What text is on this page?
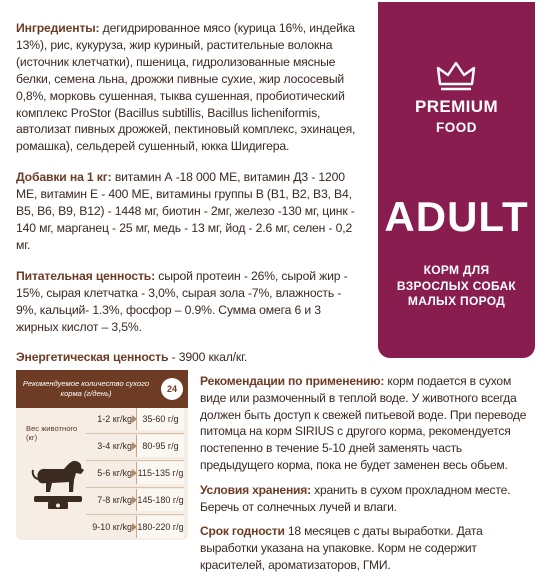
Ингредиенты: дегидрированное мясо (курица 16%, индейка 13%), рис, кукуруза, жир куриный, растительные волокна (источник клетчатки), пшеница, гидролизованные мясные белки, семена льна, дрожжи пивные сухие, жир лососевый 0,8%, морковь сушенная, тыква сушенная, пробиотический комплекс ProStor (Bacillus subtillis, Bacillus licheniformis, автолизат пивных дрожжей, пектиновый комплекс, эхинацея, ромашка), сельдерей сушенный, юкка Шидигера.

Добавки на 1 кг: витамин А -18 000 МЕ, витамин Д3 - 1200 МЕ, витамин Е - 400 МЕ, витамины группы В (В1, В2, В3, В4, В5, В6, В9, В12) - 1448 мг, биотин - 2мг, железо -130 мг, цинк - 140 мг, марганец - 25 мг, медь - 13 мг, йод - 2.6 мг, селен - 0,2 мг.

Питательная ценность: сырой протеин - 26%, сырой жир - 15%, сырая клетчатка - 3,0%, сырая зола -7%, влажность - 9%, кальций- 1.3%, фосфор – 0.9%. Сумма омега 6 и 3 жирных кислот – 3,5%.

Энергетическая ценность - 3900 ккал/кг.

PREMIUM
FOOD
ADULT
КОРМ ДЛЯ
ВЗРОСЛЫХ СОБАК
МАЛЫХ ПОРОД
Рекомендуемое количество сухого корма (г/день)	24 ч
Вес животного (кг)
1-2 кг/kg	35-60 г/g
3-4 кг/kg	80-95 г/g
5-6 кг/kg 115-135 г/g
7-8 кг/kg 145-180 г/g
9-10 кг/kg 180-220 г/g

Рекомендации по применению: корм подается в сухом виде или размоченный в теплой воде. У животного всегда должен быть доступ к свежей питьевой воде. При переводе питомца на корм SIRIUS с другого корма, рекомендуется постепенно в течение 5-10 дней заменять часть предыдущего корма, пока не будет заменен весь обьем.

Условия хранения: хранить в сухом прохладном месте. Беречь от солнечных лучей и влаги.

Срок годности 18 месяцев с даты выработки. Дата выработки указана на упаковке. Корм не содержит красителей, ароматизаторов, ГМИ.
